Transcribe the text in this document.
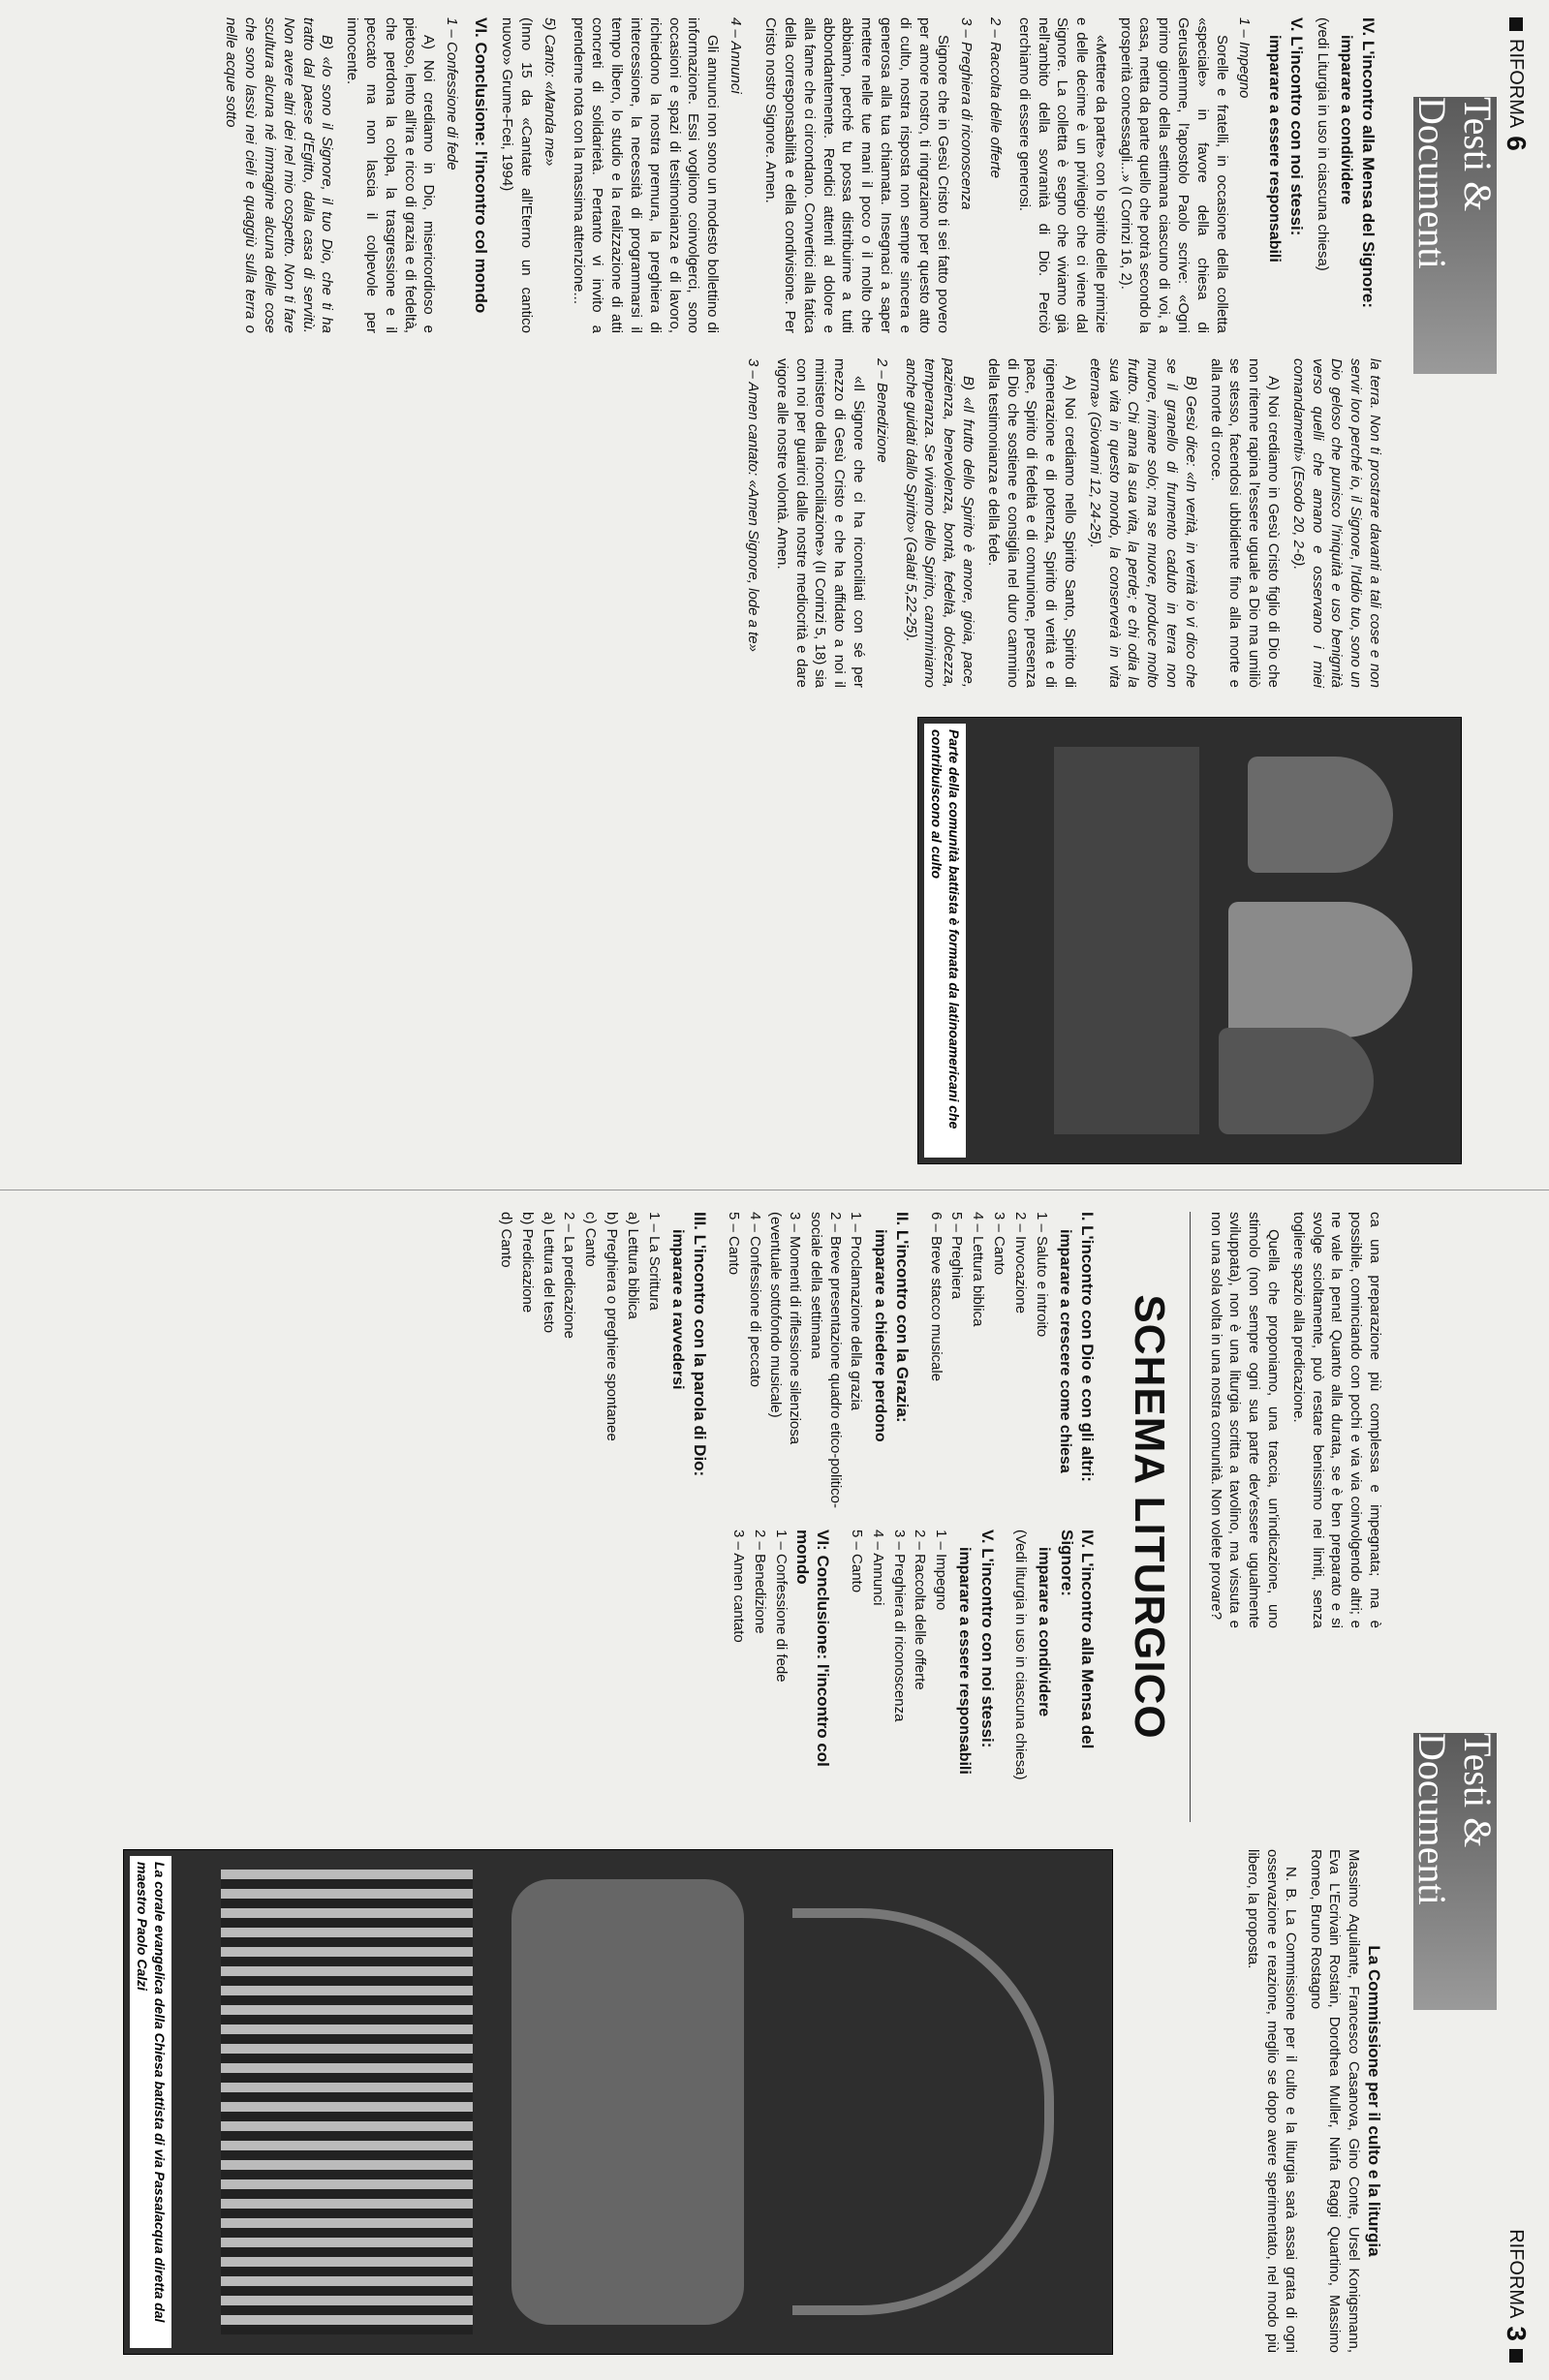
RIFORMA
6
Testi & Documenti
IV. L'incontro alla Mensa del Signore:
imparare a condividere

(vedi Liturgia in uso in ciascuna chiesa)

V. L'incontro con noi stessi:
imparare a essere responsabili
1 – Impegno

Sorelle e fratelli, in occasione della colletta «speciale» in favore della chiesa di Gerusalemme, l'apostolo Paolo scrive: «Ogni primo giorno della settimana ciascuno di voi, a casa, metta da parte quello che potrà secondo la prosperità concessagli...» (I Corinzi 16, 2).

«Mettere da parte» con lo spirito delle primizie e delle decime è un privilegio che ci viene dal Signore. La colletta è segno che viviamo già nell'ambito della sovranità di Dio. Perciò cerchiamo di essere generosi.

2 – Raccolta delle offerte
3 – Preghiera di riconoscenza

Signore che in Gesù Cristo ti sei fatto povero per amore nostro, ti ringraziamo per questo atto di culto, nostra risposta non sempre sincera e generosa alla tua chiamata. Insegnaci a saper mettere nelle tue mani il poco o il molto che abbiamo, perché tu possa distribuirne a tutti abbondantemente. Rendici attenti al dolore e alla fame che ci circondano. Convertici alla fatica della corresponsabilità e della condivisione. Per Cristo nostro Signore. Amen.

4 – Annunci

Gli annunci non sono un modesto bollettino di informazione. Essi vogliono coinvolgerci, sono occasioni e spazi di testimonianza e di lavoro, richiedono la nostra premura, la preghiera di intercessione, la necessità di programmarsi il tempo libero, lo studio e la realizzazione di atti concreti di solidarietà. Pertanto vi invito a prenderne nota con la massima attenzione...

5) Canto: «Manda me»

(Inno 15 da «Cantate all'Eterno un cantico nuovo» Grume-Fcei, 1994)

VI. Conclusione: l'incontro col mondo
1 – Confessione di fede

A) Noi crediamo in Dio, misericordioso e pietoso, lento all'ira e ricco di grazia e di fedeltà, che perdona la colpa, la trasgressione e il peccato ma non lascia il colpevole per innocente.

B) «Io sono il Signore, il tuo Dio, che ti ha tratto dal paese d'Egitto, dalla casa di servitù. Non avere altri dei nel mio cospetto. Non ti fare scultura alcuna né immagine alcuna delle cose che sono lassù nei cieli e quaggiù sulla terra o nelle acque sotto

la terra. Non ti prostrare davanti a tali cose e non servir loro perché io, il Signore, l'Iddio tuo, sono un Dio geloso che punisco l'iniquità e uso benignità verso quelli che amano e osservano i miei comandamenti» (Esodo 20, 2-6).

A) Noi crediamo in Gesù Cristo figlio di Dio che non ritenne rapina l'essere uguale a Dio ma umiliò se stesso, facendosi ubbidiente fino alla morte e alla morte di croce.

B) Gesù dice: «In verità, in verità io vi dico che se il granello di frumento caduto in terra non muore, rimane solo; ma se muore, produce molto frutto. Chi ama la sua vita, la perde; e chi odia la sua vita in questo mondo, la conserverà in vita eterna» (Giovanni 12, 24-25).

A) Noi crediamo nello Spirito Santo, Spirito di rigenerazione e di potenza, Spirito di verità e di pace, Spirito di fedeltà e di comunione, presenza di Dio che sostiene e consiglia nel duro cammino della testimonianza e della fede.

B) «Il frutto dello Spirito è amore, gioia, pace, pazienza, benevolenza, bontà, fedeltà, dolcezza, temperanza. Se viviamo dello Spirito, camminiamo anche guidati dallo Spirito» (Galati 5,22-25).

2 – Benedizione

«Il Signore che ci ha riconciliati con sé per mezzo di Gesù Cristo e che ha affidato a noi il ministero della riconciliazione» (II Corinzi 5, 18) sia con noi per guarirci dalle nostre mediocrità e dare vigore alle nostre volontà. Amen.

3 – Amen cantato: «Amen Signore, lode a te»
Parte della comunità battista è formata da latinoamericani che contribuiscono al culto
RIFORMA
3
Testi & Documenti

ca una preparazione più complessa e impegnata; ma è possibile, cominciando con pochi e via via coinvolgendo altri; e ne vale la pena! Quanto alla durata, se è ben preparato e si svolge scioltamente, può restare benissimo nei limiti, senza togliere spazio alla predicazione.

Quella che proponiamo, una traccia, un'indicazione, uno stimolo (non sempre ogni sua parte dev'essere ugualmente sviluppata), non è una liturgia scritta a tavolino, ma vissuta e non una sola volta in una nostra comunità. Non volete provare?

SCHEMA LITURGICO
I. L'incontro con Dio e con gli altri:
imparare a crescere come chiesa
1 – Saluto e introito
2 – Invocazione
3 – Canto
4 – Lettura biblica
5 – Preghiera
6 – Breve stacco musicale
II. L'incontro con la Grazia:
imparare a chiedere perdono
1 – Proclamazione della grazia
2 – Breve presentazione quadro etico-politico-sociale della settimana
3 – Momenti di riflessione silenziosa (eventuale sottofondo musicale)
4 – Confessione di peccato
5 – Canto
III. L'incontro con la parola di Dio:
imparare a ravvedersi
1 – La Scrittura
a) Lettura biblica
b) Preghiera o preghiere spontanee
c) Canto
2 – La predicazione
a) Lettura del testo
b) Predicazione
d) Canto
IV. L'incontro alla Mensa del Signore:
imparare a condividere
(Vedi liturgia in uso in ciascuna chiesa)
V. L'incontro con noi stessi:
imparare a essere responsabili
1 – Impegno
2 – Raccolta delle offerte
3 – Preghiera di riconoscenza
4 – Annunci
5 – Canto
VI: Conclusione: l'incontro col mondo
1 – Confessione di fede
2 – Benedizione
3 – Amen cantato
La Commissione per il culto e la liturgia

Massimo Aquilante, Francesco Casanova, Gino Conte, Ursel Konigsmann, Eva L'Ecrivain Rostain, Dorothea Muller, Ninfa Raggi Quartino, Massimo Romeo, Bruno Rostagno

N. B. La Commissione per il culto e la liturgia sarà assai grata di ogni osservazione e reazione, meglio se dopo avere sperimentato, nel modo più libero, la proposta.

La corale evangelica della Chiesa battista di via Passalacqua diretta dal maestro Paolo Calzi
